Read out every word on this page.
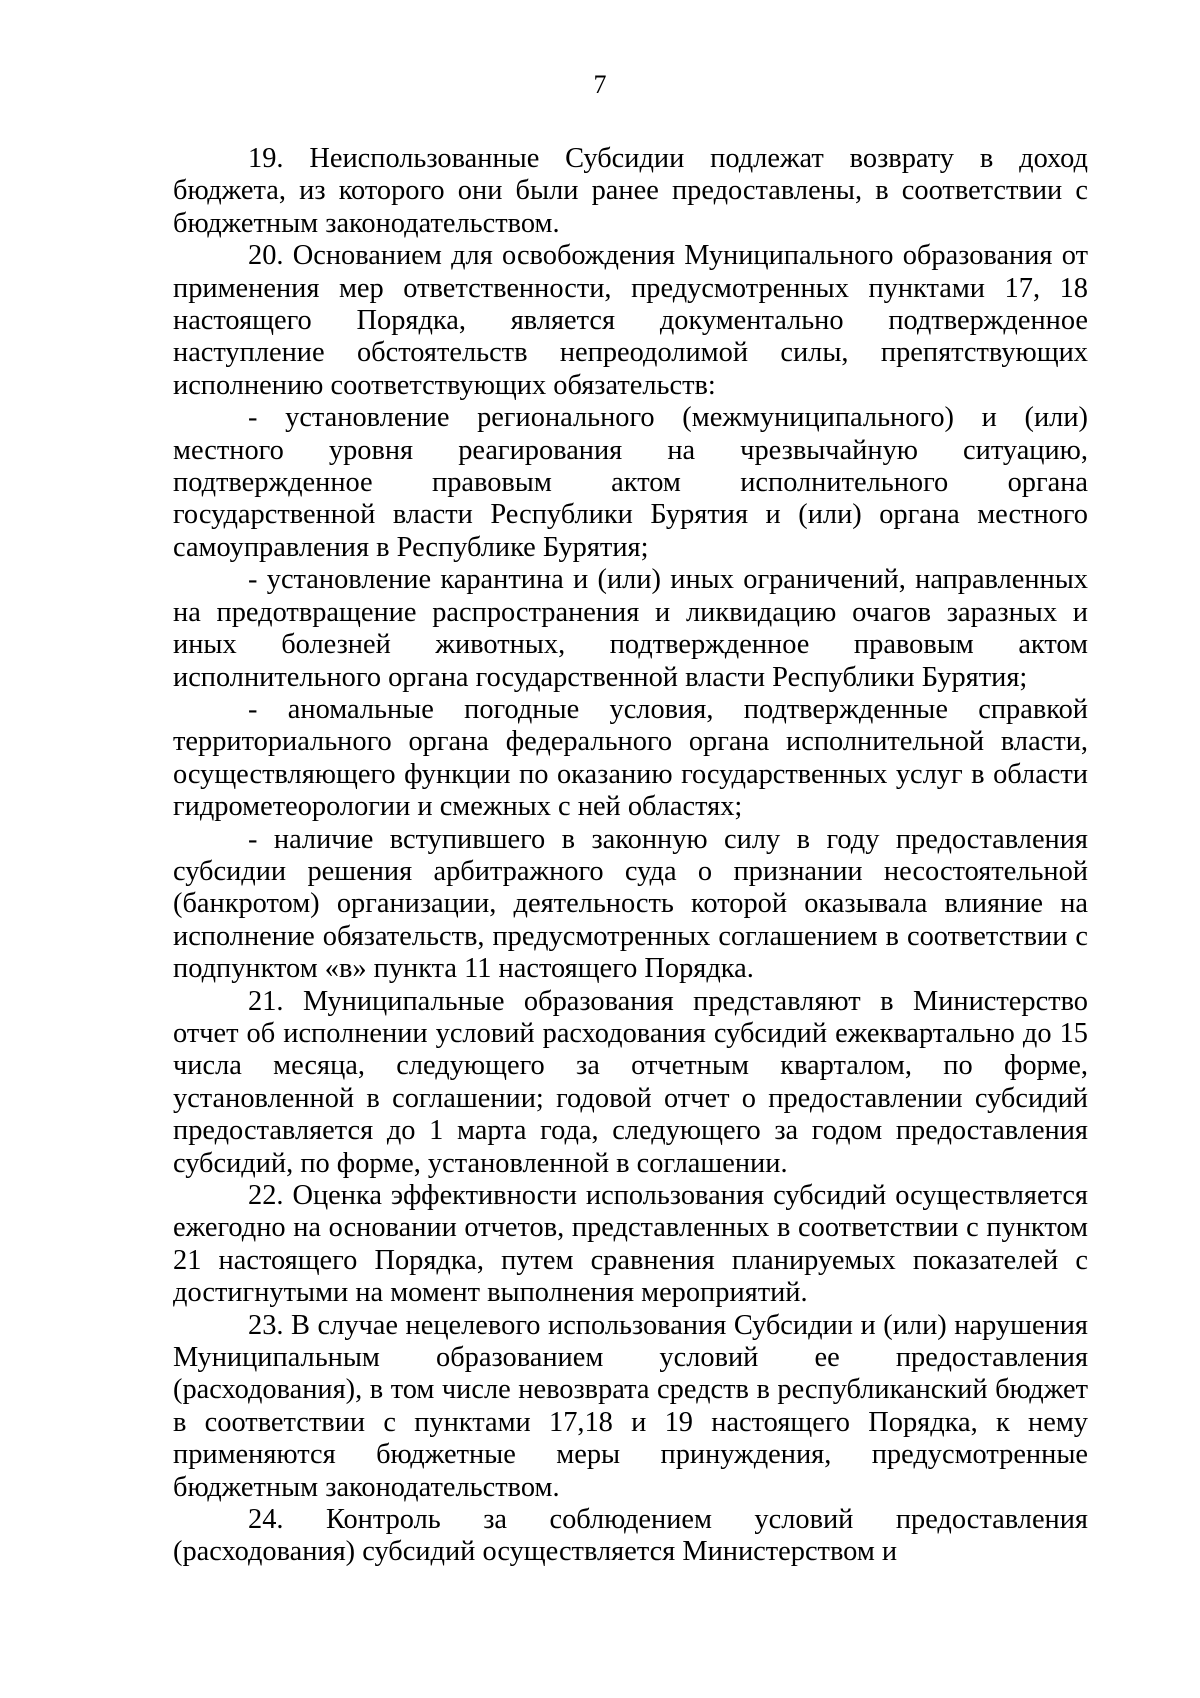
7

19. Неиспользованные Субсидии подлежат возврату в доход бюджета, из которого они были ранее предоставлены, в соответствии с бюджетным законодательством.

20. Основанием для освобождения Муниципального образования от применения мер ответственности, предусмотренных пунктами 17, 18 настоящего Порядка, является документально подтвержденное наступление обстоятельств непреодолимой силы, препятствующих исполнению соответствующих обязательств:

- установление регионального (межмуниципального) и (или) местного уровня реагирования на чрезвычайную ситуацию, подтвержденное правовым актом исполнительного органа государственной власти Республики Бурятия и (или) органа местного самоуправления в Республике Бурятия;

- установление карантина и (или) иных ограничений, направленных на предотвращение распространения и ликвидацию очагов заразных и иных болезней животных, подтвержденное правовым актом исполнительного органа государственной власти Республики Бурятия;

- аномальные погодные условия, подтвержденные справкой территориального органа федерального органа исполнительной власти, осуществляющего функции по оказанию государственных услуг в области гидрометеорологии и смежных с ней областях;

- наличие вступившего в законную силу в году предоставления субсидии решения арбитражного суда о признании несостоятельной (банкротом) организации, деятельность которой оказывала влияние на исполнение обязательств, предусмотренных соглашением в соответствии с подпунктом «в» пункта 11 настоящего Порядка.

21. Муниципальные образования представляют в Министерство отчет об исполнении условий расходования субсидий ежеквартально до 15 числа месяца, следующего за отчетным кварталом, по форме, установленной в соглашении; годовой отчет о предоставлении субсидий предоставляется до 1 марта года, следующего за годом предоставления субсидий, по форме, установленной в соглашении.

22. Оценка эффективности использования субсидий осуществляется ежегодно на основании отчетов, представленных в соответствии с пунктом 21 настоящего Порядка, путем сравнения планируемых показателей с достигнутыми на момент выполнения мероприятий.

23. В случае нецелевого использования Субсидии и (или) нарушения Муниципальным образованием условий ее предоставления (расходования), в том числе невозврата средств в республиканский бюджет в соответствии с пунктами 17,18 и 19 настоящего Порядка, к нему применяются бюджетные меры принуждения, предусмотренные бюджетным законодательством.

24. Контроль за соблюдением условий предоставления (расходования) субсидий осуществляется Министерством и
